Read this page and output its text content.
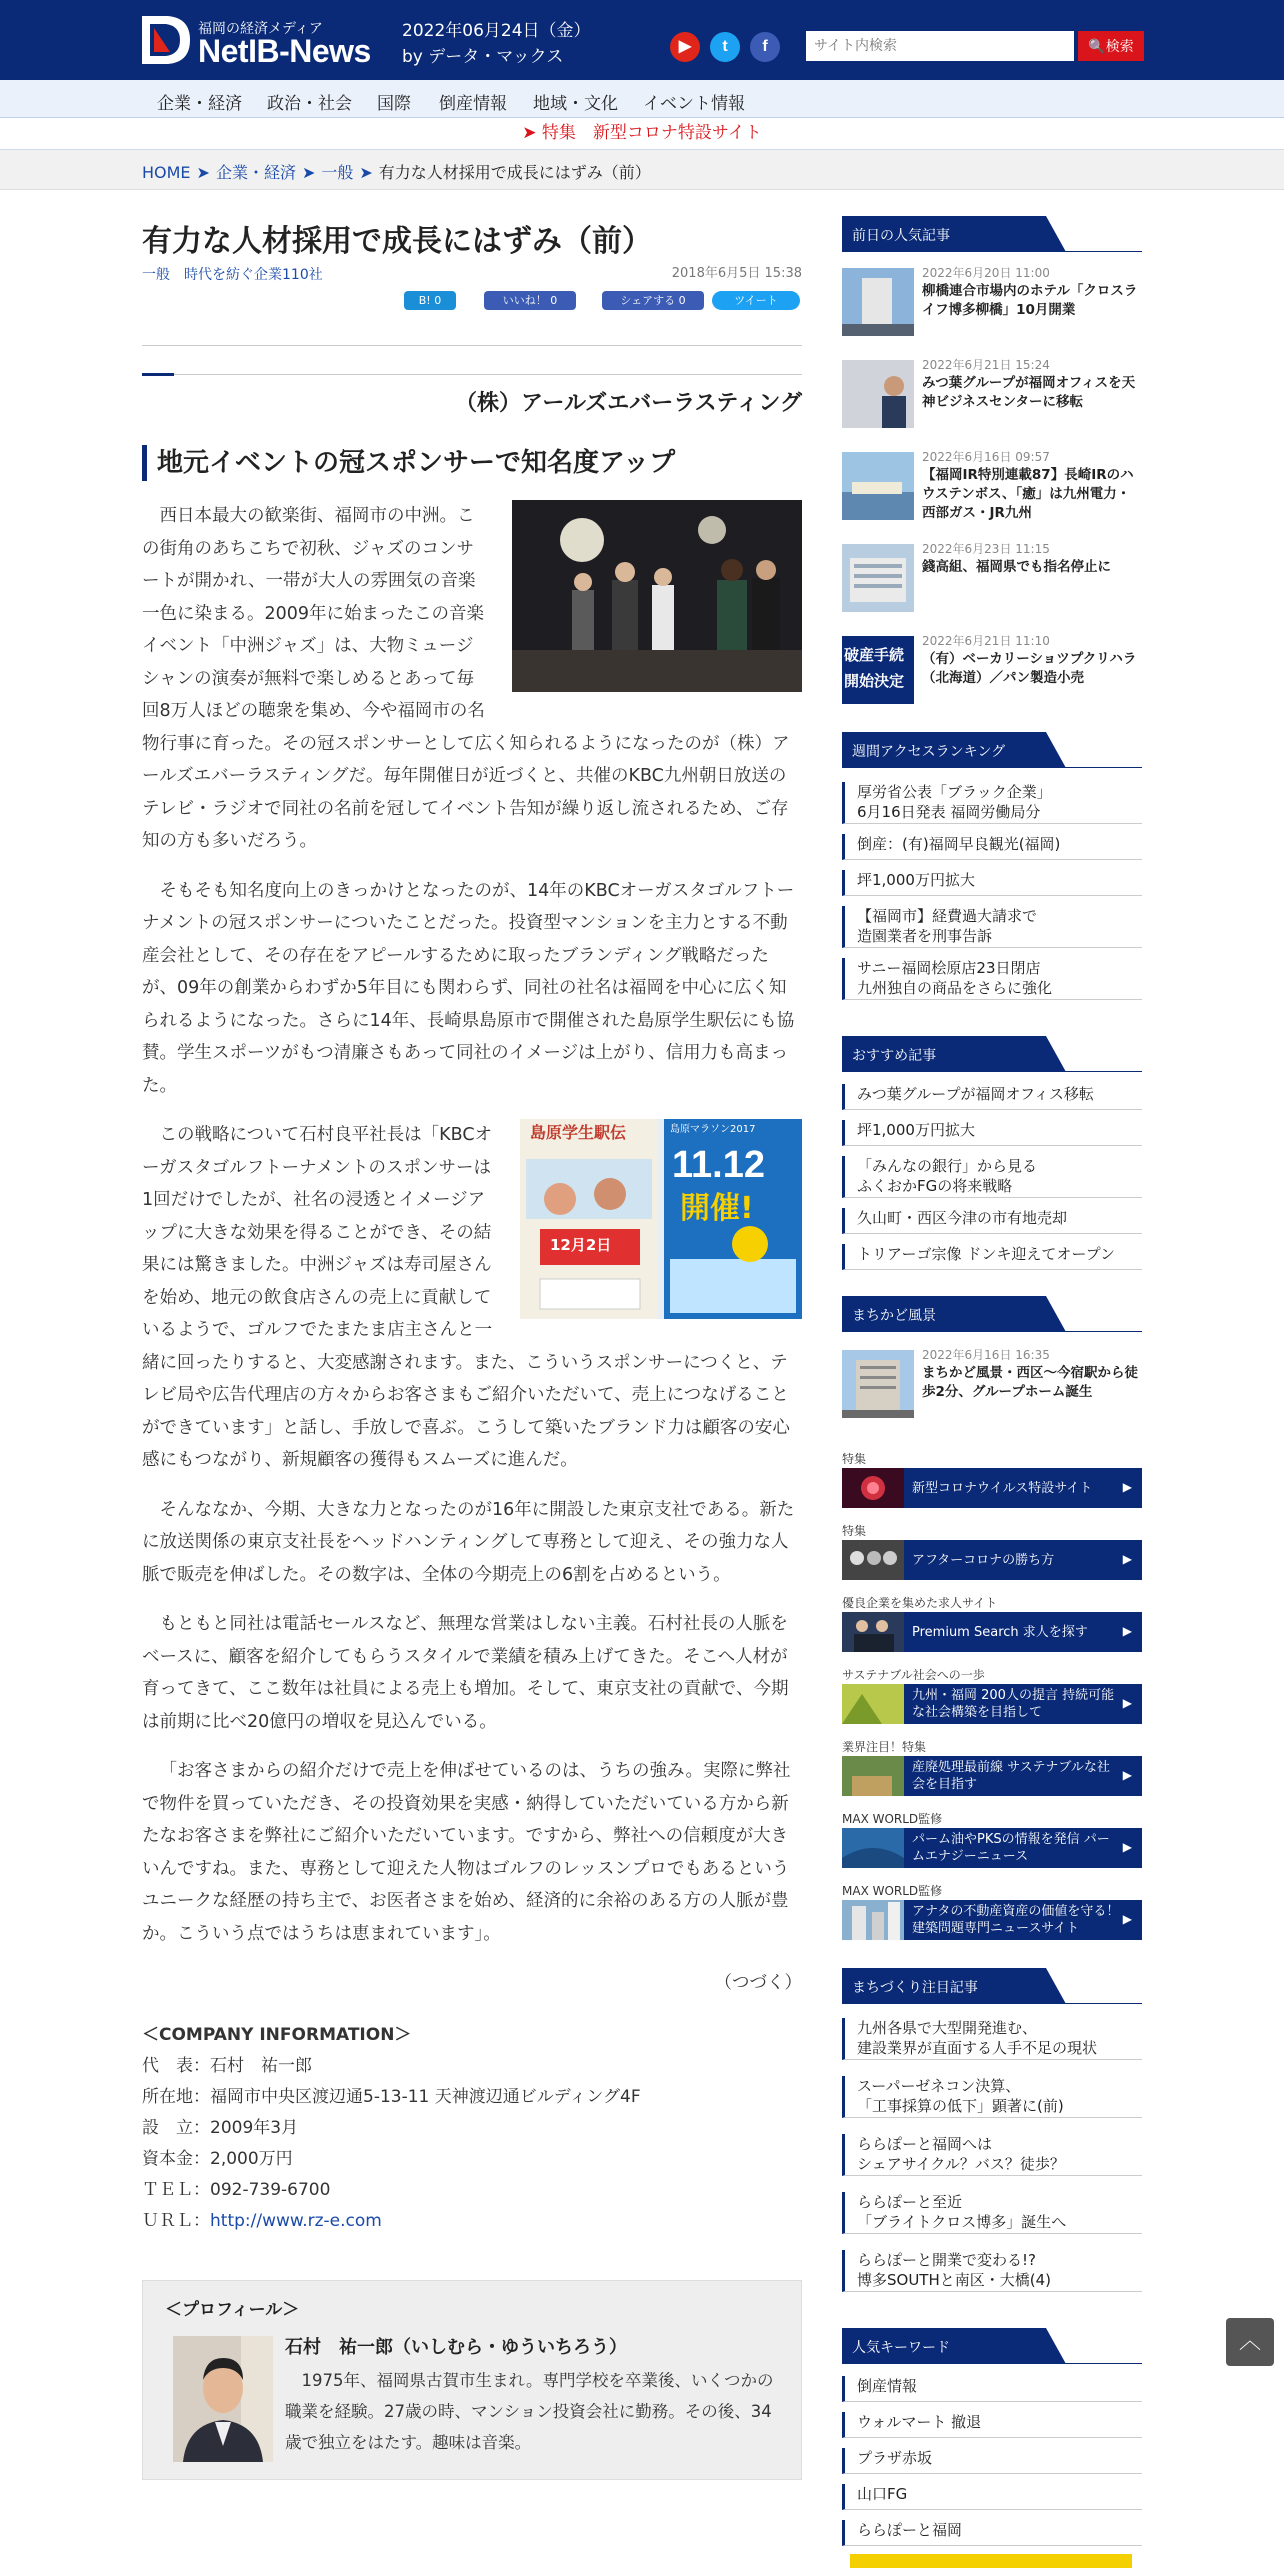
福岡の経済メディア
NetIB-News
2022年06月24日（金）
by データ・マックス
▶	t	f
サイト内検索	🔍検索
企業・経済 政治・社会 国際 倒産情報 地域・文化 イベント情報
➤ 特集　新型コロナ特設サイト
HOME ➤ 企業・経済 ➤ 一般 ➤ 有力な人材採用で成長にはずみ（前）
有力な人材採用で成長にはずみ（前）
一般　時代を紡ぐ企業110社	2018年6月5日 15:38
B! 0	いいね！ 0	シェアする 0	ツイート
（株）アールズエバーラスティング
地元イベントの冠スポンサーで知名度アップ

西日本最大の歓楽街、福岡市の中洲。この街角のあちこちで初秋、ジャズのコンサートが開かれ、一帯が大人の雰囲気の音楽一色に染まる。2009年に始まったこの音楽イベント「中洲ジャズ」は、大物ミュージシャンの演奏が無料で楽しめるとあって毎回8万人ほどの聴衆を集め、今や福岡市の名物行事に育った。その冠スポンサーとして広く知られるようになったのが（株）アールズエバーラスティングだ。毎年開催日が近づくと、共催のKBC九州朝日放送のテレビ・ラジオで同社の名前を冠してイベント告知が繰り返し流されるため、ご存知の方も多いだろう。

そもそも知名度向上のきっかけとなったのが、14年のKBCオーガスタゴルフトーナメントの冠スポンサーについたことだった。投資型マンションを主力とする不動産会社として、その存在をアピールするために取ったブランディング戦略だったが、09年の創業からわずか5年目にも関わらず、同社の社名は福岡を中心に広く知られるようになった。さらに14年、長崎県島原市で開催された島原学生駅伝にも協賛。学生スポーツがもつ清廉さもあって同社のイメージは上がり、信用力も高まった。

島原学生駅伝
12月2日
島原マラソン2017
11.12
開催!

この戦略について石村良平社長は「KBCオーガスタゴルフトーナメントのスポンサーは1回だけでしたが、社名の浸透とイメージアップに大きな効果を得ることができ、その結果には驚きました。中洲ジャズは寿司屋さんを始め、地元の飲食店さんの売上に貢献しているようで、ゴルフでたまたま店主さんと一緒に回ったりすると、大変感謝されます。また、こういうスポンサーにつくと、テレビ局や広告代理店の方々からお客さまもご紹介いただいて、売上につなげることができています」と話し、手放しで喜ぶ。こうして築いたブランド力は顧客の安心感にもつながり、新規顧客の獲得もスムーズに進んだ。

そんななか、今期、大きな力となったのが16年に開設した東京支社である。新たに放送関係の東京支社長をヘッドハンティングして専務として迎え、その強力な人脈で販売を伸ばした。その数字は、全体の今期売上の6割を占めるという。

もともと同社は電話セールスなど、無理な営業はしない主義。石村社長の人脈をベースに、顧客を紹介してもらうスタイルで業績を積み上げてきた。そこへ人材が育ってきて、ここ数年は社員による売上も増加。そして、東京支社の貢献で、今期は前期に比べ20億円の増収を見込んでいる。

「お客さまからの紹介だけで売上を伸ばせているのは、うちの強み。実際に弊社で物件を買っていただき、その投資効果を実感・納得していただいている方から新たなお客さまを弊社にご紹介いただいています。ですから、弊社への信頼度が大きいんですね。また、専務として迎えた人物はゴルフのレッスンプロでもあるというユニークな経歴の持ち主で、お医者さまを始め、経済的に余裕のある方の人脈が豊か。こういう点ではうちは恵まれています」。

（つづく）
＜COMPANY INFORMATION＞
代　表：石村　祐一郎
所在地：福岡市中央区渡辺通5-13-11 天神渡辺通ビルディング4F
設　立：2009年3月
資本金：2,000万円
ＴＥＬ：092-739-6700
ＵＲＬ：http://www.rz-e.com
＜プロフィール＞
石村　祐一郎（いしむら・ゆういちろう）
1975年、福岡県古賀市生まれ。専門学校を卒業後、いくつかの職業を経験。27歳の時、マンション投資会社に勤務。その後、34歳で独立をはたす。趣味は音楽。
前日の人気記事
2022年6月20日 11:00
柳橋連合市場内のホテル「クロスライフ博多柳橋」10月開業
2022年6月21日 15:24
みつ葉グループが福岡オフィスを天神ビジネスセンターに移転
2022年6月16日 09:57
【福岡IR特別連載87】長崎IRのハウステンボス、「癒」は九州電力・西部ガス・JR九州
2022年6月23日 11:15
錢高組、福岡県でも指名停止に
破産手続開始決定
2022年6月21日 11:10
（有）ベーカリーショツプクリハラ（北海道）／パン製造小売
週間アクセスランキング
厚労省公表「ブラック企業」
6月16日発表 福岡労働局分
倒産：(有)福岡早良観光(福岡)
坪1,000万円拡大
【福岡市】経費過大請求で
造園業者を刑事告訴
サニー福岡桧原店23日閉店
九州独自の商品をさらに強化
おすすめ記事
みつ葉グループが福岡オフィス移転
坪1,000万円拡大
「みんなの銀行」から見る
ふくおかFGの将来戦略
久山町・西区今津の市有地売却
トリアーゴ宗像 ドンキ迎えてオープン
まちかど風景
2022年6月16日 16:35
まちかど風景・西区～今宿駅から徒歩2分、グループホーム誕生
特集
新型コロナウイルス特設サイト	▶
特集
アフターコロナの勝ち方	▶
優良企業を集めた求人サイト
Premium Search 求人を探す	▶
サステナブル社会への一歩
九州・福岡 200人の提言 持続可能な社会構築を目指して
▶
業界注目！特集
産廃処理最前線 サステナブルな社会を目指す
▶
MAX WORLD監修
パーム油やPKSの情報を発信 パームエナジーニュース
▶
MAX WORLD監修
アナタの不動産資産の価値を守る！建築問題専門ニュースサイト
▶
まちづくり注目記事
九州各県で大型開発進む、
建設業界が直面する人手不足の現状
スーパーゼネコン決算、
「工事採算の低下」顕著に(前)
ららぽーと福岡へは
シェアサイクル？バス？徒歩？
ららぽーと至近
「ブライトクロス博多」誕生へ
ららぽーと開業で変わる!?
博多SOUTHと南区・大橋(4)
人気キーワード
倒産情報
ウォルマート 撤退
プラザ赤坂
山口FG
ららぽーと福岡
︿
